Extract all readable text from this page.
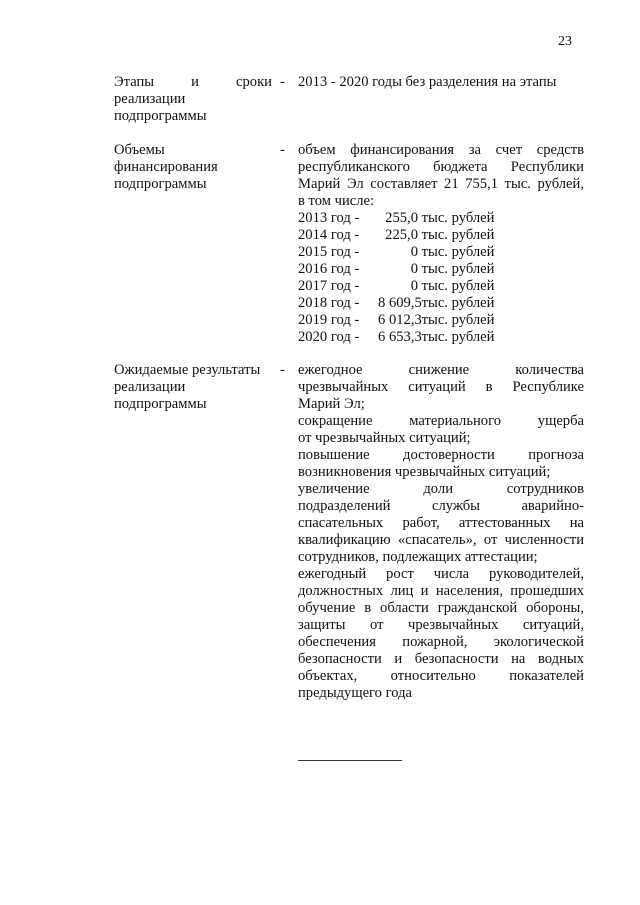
23
Этапы и сроки
реализации
подпрограммы
- 2013 - 2020 годы без разделения на этапы
Объемы
финансирования
подпрограммы
- объем финансирования за счет средств
республиканского бюджета Республики
Марий Эл составляет 21 755,1 тыс. рублей,
в том числе:
2013 год - 255,0 тыс. рублей
2014 год - 225,0 тыс. рублей
2015 год -	0 тыс. рублей
2016 год -	0 тыс. рублей
2017 год -	0 тыс. рублей
2018 год - 8 609,5 тыс. рублей
2019 год - 6 012,3 тыс. рублей
2020 год - 6 653,3 тыс. рублей
Ожидаемые результаты
реализации
подпрограммы
- ежегодное снижение количества
чрезвычайных ситуаций в Республике
Марий Эл;
сокращение материального ущерба
от чрезвычайных ситуаций;
повышение достоверности прогноза
возникновения чрезвычайных ситуаций;
увеличение доли сотрудников
подразделений службы аварийно-
спасательных работ, аттестованных на
квалификацию «спасатель», от численности
сотрудников, подлежащих аттестации;
ежегодный рост числа руководителей,
должностных лиц и населения, прошедших
обучение в области гражданской обороны,
защиты от чрезвычайных ситуаций,
обеспечения пожарной, экологической
безопасности и безопасности на водных
объектах, относительно показателей
предыдущего года
